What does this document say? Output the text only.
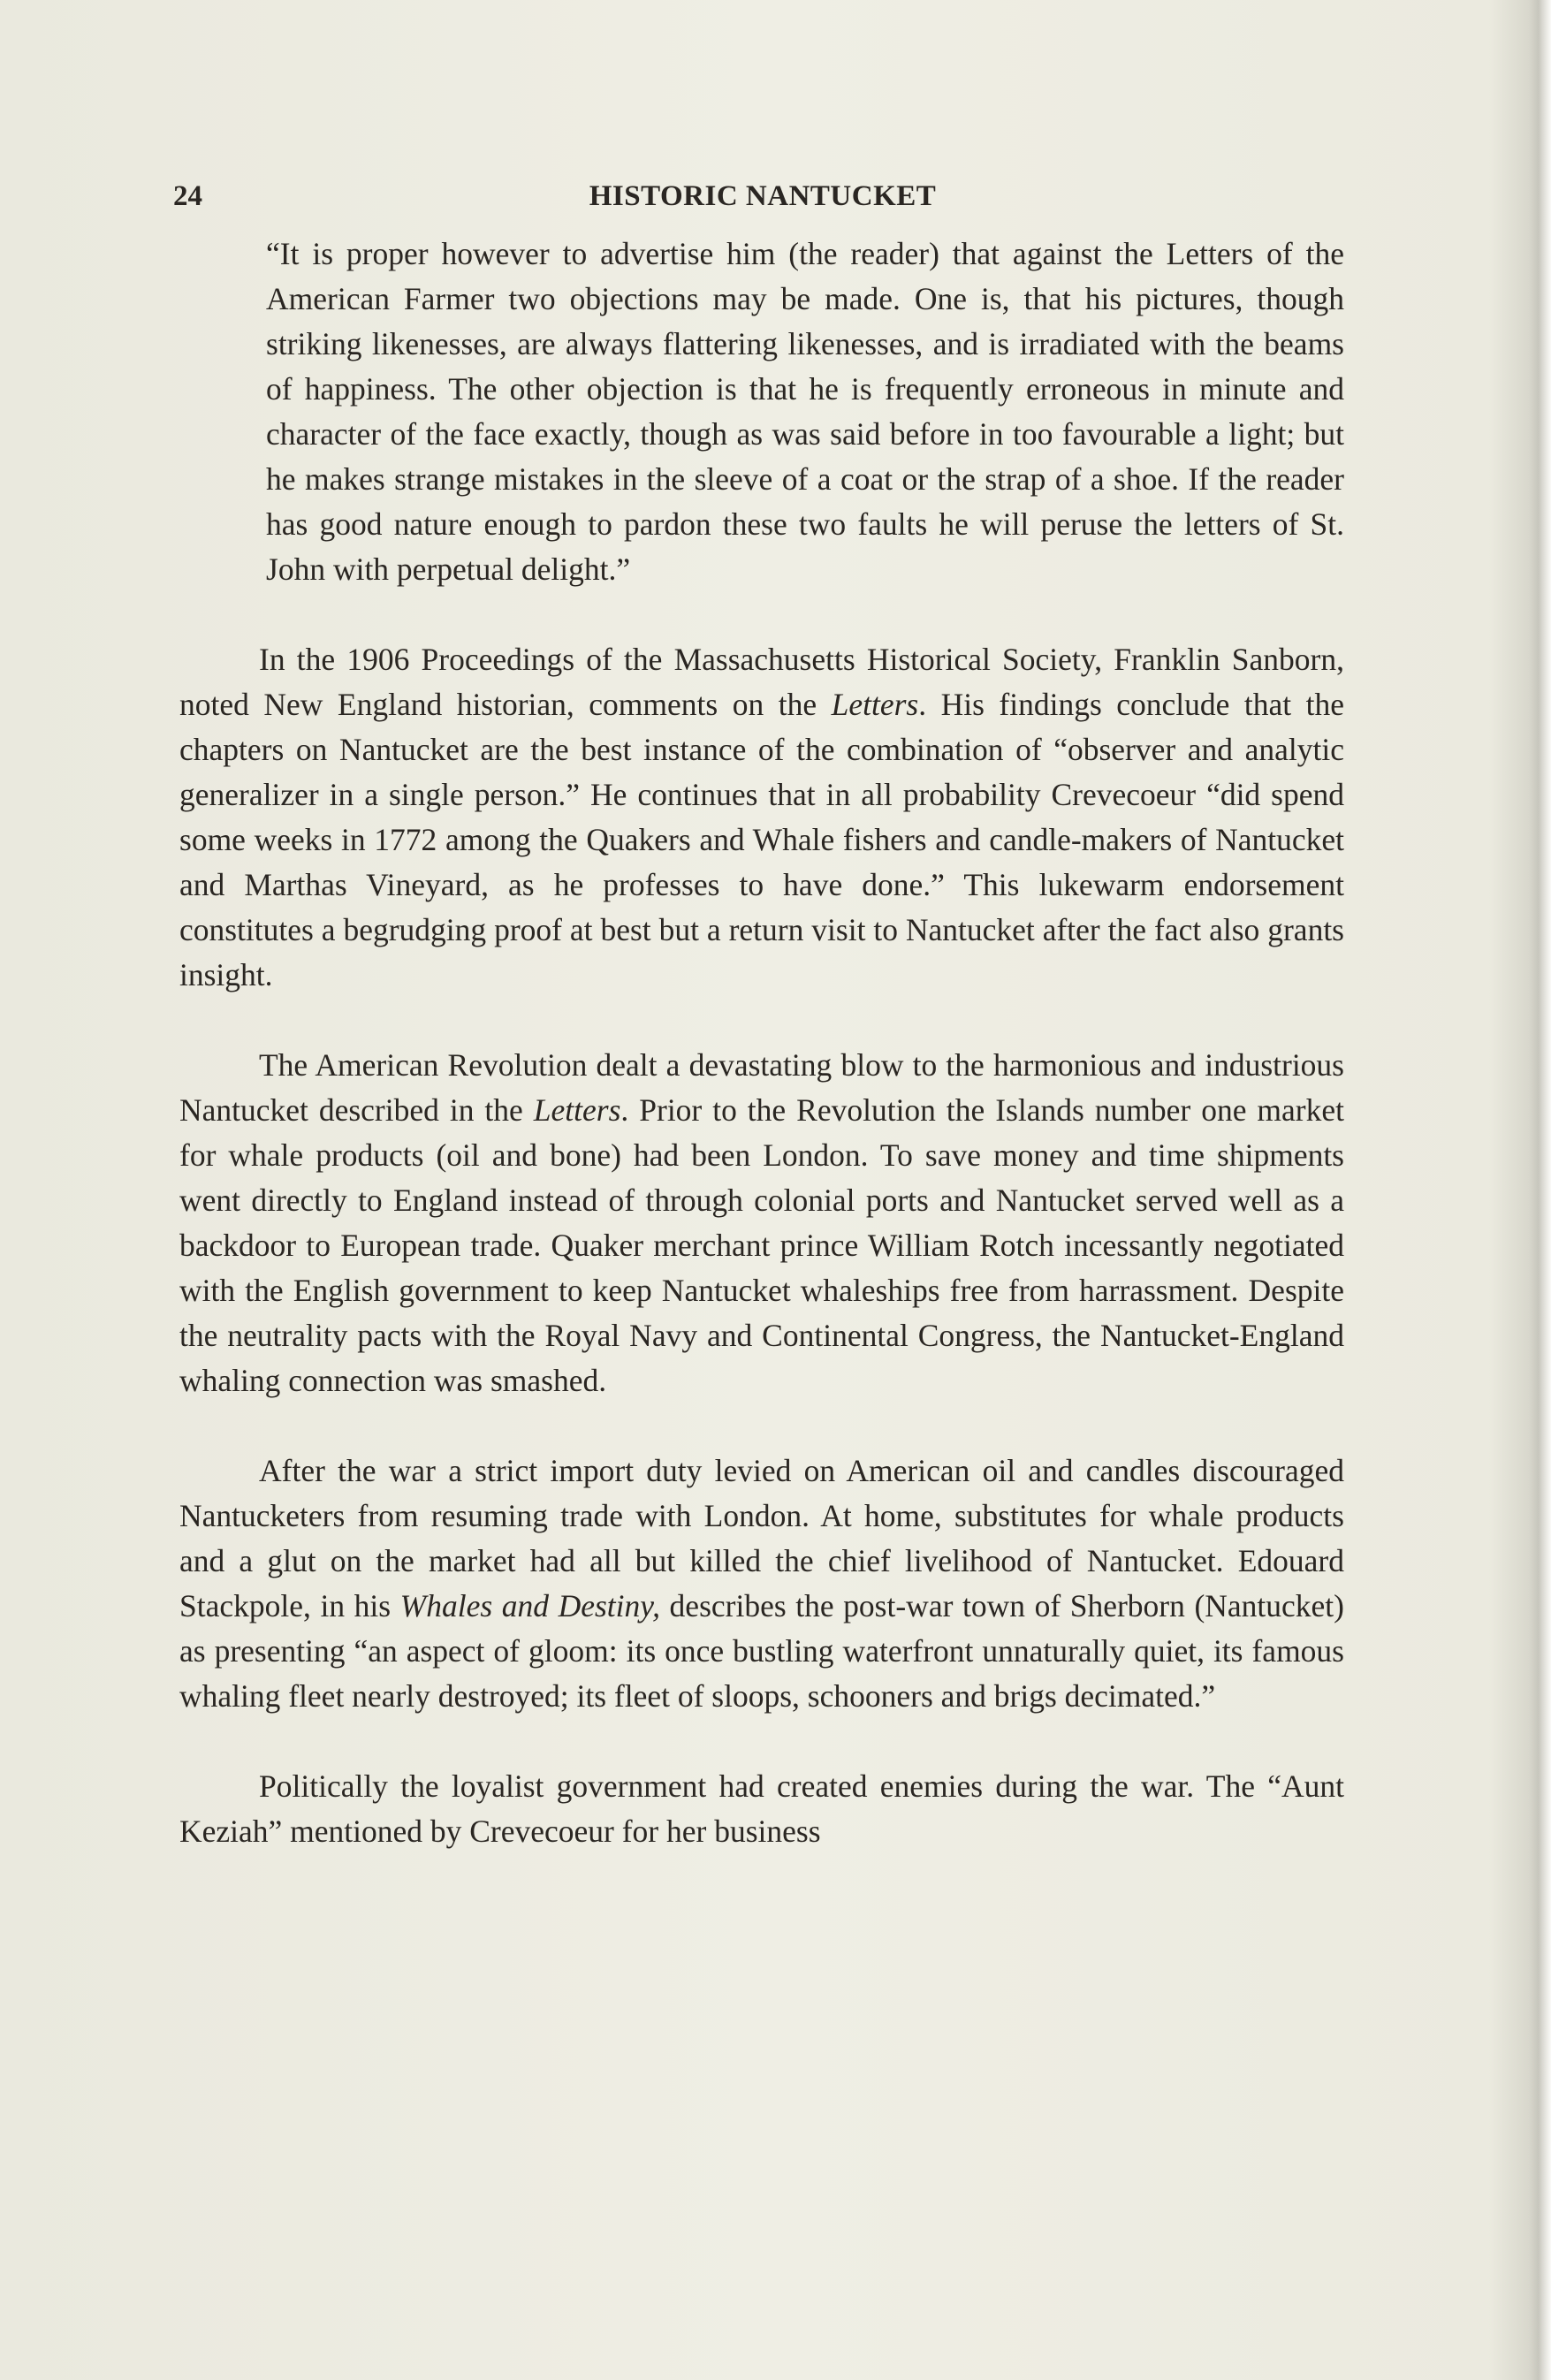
24	HISTORIC NANTUCKET

“It is proper however to advertise him (the reader) that against the Letters of the American Farmer two objections may be made. One is, that his pictures, though striking likenesses, are always flattering likenesses, and is irradiated with the beams of happiness. The other objection is that he is frequently erroneous in minute and character of the face exactly, though as was said before in too favourable a light; but he makes strange mistakes in the sleeve of a coat or the strap of a shoe. If the reader has good nature enough to pardon these two faults he will peruse the letters of St. John with perpetual delight.”

In the 1906 Proceedings of the Massachusetts Historical Society, Franklin Sanborn, noted New England historian, comments on the Letters. His findings conclude that the chapters on Nantucket are the best instance of the combination of “observer and analytic generalizer in a single person.” He continues that in all probability Crevecoeur “did spend some weeks in 1772 among the Quakers and Whale fishers and candle-makers of Nantucket and Marthas Vineyard, as he professes to have done.” This lukewarm endorsement constitutes a begrudging proof at best but a return visit to Nantucket after the fact also grants insight.

The American Revolution dealt a devastating blow to the harmonious and industrious Nantucket described in the Letters. Prior to the Revolution the Islands number one market for whale products (oil and bone) had been London. To save money and time shipments went directly to England instead of through colonial ports and Nantucket served well as a backdoor to European trade. Quaker merchant prince William Rotch incessantly negotiated with the English government to keep Nantucket whaleships free from harrassment. Despite the neutrality pacts with the Royal Navy and Continental Congress, the Nantucket-England whaling connection was smashed.

After the war a strict import duty levied on American oil and candles discouraged Nantucketers from resuming trade with London. At home, substitutes for whale products and a glut on the market had all but killed the chief livelihood of Nantucket. Edouard Stackpole, in his Whales and Destiny, describes the post-war town of Sherborn (Nantucket) as presenting “an aspect of gloom: its once bustling waterfront unnaturally quiet, its famous whaling fleet nearly destroyed; its fleet of sloops, schooners and brigs decimated.”

Politically the loyalist government had created enemies during the war. The “Aunt Keziah” mentioned by Crevecoeur for her business
